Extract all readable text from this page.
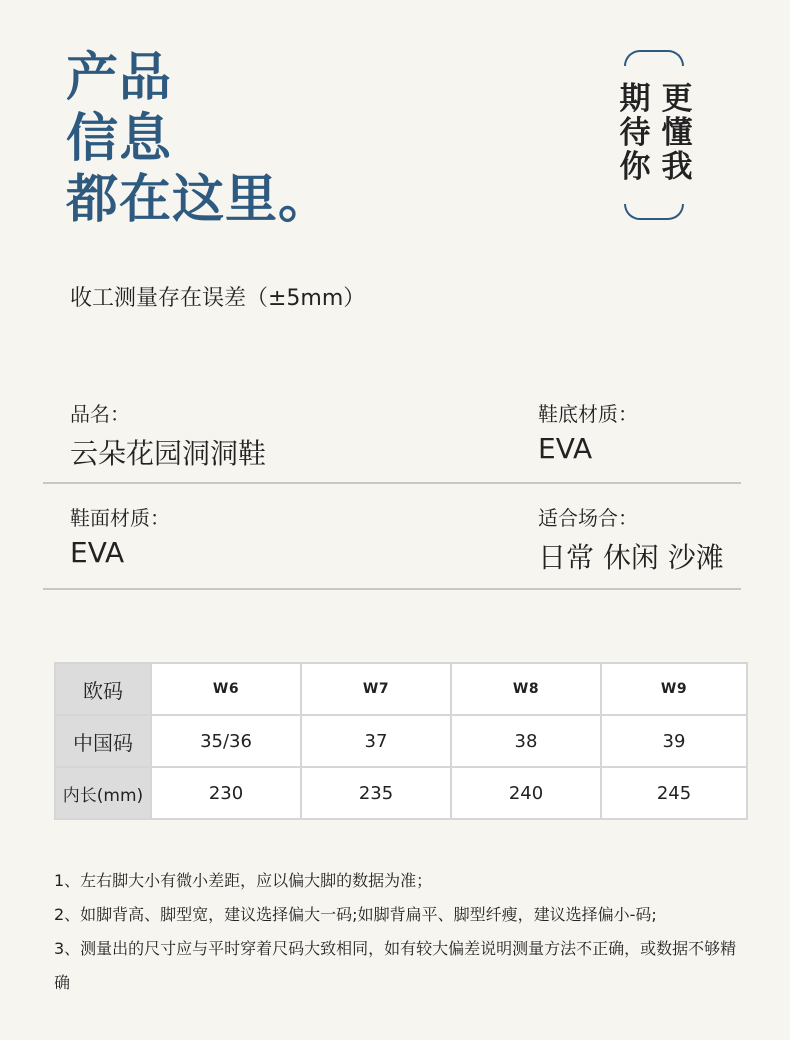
产品
信息
都在这里。
更懂我
期待你
收工测量存在误差（±5mm）
品名：
云朵花园洞洞鞋
鞋底材质：
EVA
鞋面材质：
EVA
适合场合：
日常 休闲 沙滩
欧码	W6	W7	W8	W9
中国码	35/36	37	38	39
内长(mm)	230	235	240	245
1、左右脚大小有微小差距，应以偏大脚的数据为准；
2、如脚背高、脚型宽，建议选择偏大一码;如脚背扁平、脚型纤瘦，建议选择偏小-码;
3、测量出的尺寸应与平时穿着尺码大致相同，如有较大偏差说明测量方法不正确，或数据不够精确
